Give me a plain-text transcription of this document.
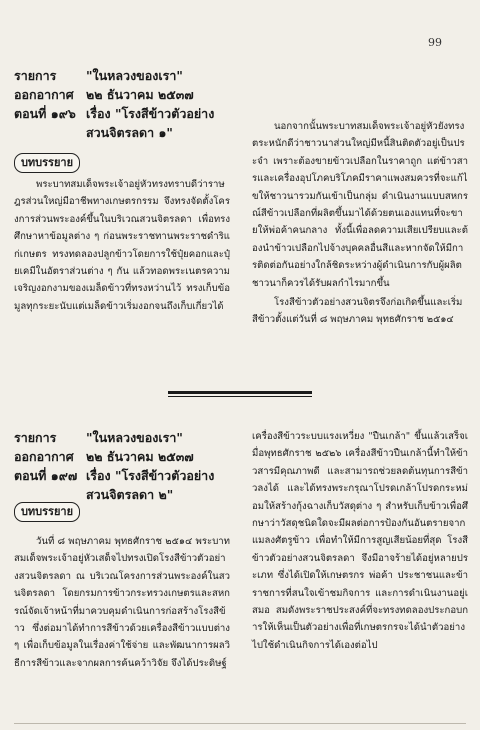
99
รายการ	"ในหลวงของเรา"
ออกอากาศ ๒๒ ธันวาคม ๒๕๓๗
ตอนที่ ๑๙๖ เรื่อง "โรงสีข้าวตัวอย่าง
สวนจิตรลดา ๑"
บทบรรยาย

พระบาทสมเด็จพระเจ้าอยู่หัวทรงทราบดีว่าราษฎรส่วนใหญ่มีอาชีพทางเกษตรกรรม จึงทรงจัดตั้งโครงการส่วนพระองค์ขึ้นในบริเวณสวนจิตรลดา เพื่อทรงศึกษาหาข้อมูลต่าง ๆ ก่อนพระราชทานพระราชดำริแก่เกษตร ทรงทดลองปลูกข้าวโดยการใช้ปุ๋ยคอกและปุ๋ยเคมีในอัตราส่วนต่าง ๆ กัน แล้วทอดพระเนตรความเจริญงอกงามของเมล็ดข้าวที่ทรงหว่านไว้ ทรงเก็บข้อมูลทุกระยะนับแต่เมล็ดข้าวเริ่มงอกจนถึงเก็บเกี่ยวได้

นอกจากนั้นพระบาทสมเด็จพระเจ้าอยู่หัวยังทรงตระหนักดีว่าชาวนาส่วนใหญ่มีหนี้สินติดตัวอยู่เป็นประจำ เพราะต้องขายข้าวเปลือกในราคาถูก แต่ข้าวสารและเครื่องอุปโภคบริโภคมีราคาแพงสมควรที่จะแก้ไขให้ชาวนารวมกันเข้าเป็นกลุ่ม ดำเนินงานแบบสหกรณ์สีข้าวเปลือกที่ผลิตขึ้นมาได้ด้วยตนเองแทนที่จะขายให้พ่อค้าคนกลาง ทั้งนี้เพื่อลดความเสียเปรียบและต้องนำข้าวเปลือกไปจ้างบุคคลอื่นสีและหากจัดให้มีการติดต่อกันอย่างใกล้ชิดระหว่างผู้ดำเนินการกับผู้ผลิตชาวนาก็ควรได้รับผลกำไรมากขึ้น

โรงสีข้าวตัวอย่างสวนจิตรจึงก่อเกิดขึ้นและเริ่มสีข้าวตั้งแต่วันที่ ๘ พฤษภาคม พุทธศักราช ๒๕๑๔

รายการ	"ในหลวงของเรา"
ออกอากาศ ๒๒ ธันวาคม ๒๕๓๗
ตอนที่ ๑๙๗ เรื่อง "โรงสีข้าวตัวอย่าง
สวนจิตรลดา ๒"
บทบรรยาย

วันที่ ๘ พฤษภาคม พุทธศักราช ๒๕๑๔ พระบาทสมเด็จพระเจ้าอยู่หัวเสด็จไปทรงเปิดโรงสีข้าวตัวอย่างสวนจิตรลดา ณ บริเวณโครงการส่วนพระองค์ในสวนจิตรลดา โดยกรมการข้าวกระทรวงเกษตรและสหกรณ์จัดเจ้าหน้าที่มาควบคุมดำเนินการก่อสร้างโรงสีข้าว ซึ่งต่อมาได้ทำการสีข้าวด้วยเครื่องสีข้าวแบบต่าง ๆ เพื่อเก็บข้อมูลในเรื่องค่าใช้จ่าย และพัฒนาการผลวิธีการสีข้าวและจากผลการค้นคว้าวิจัย จึงได้ประดิษฐ์

เครื่องสีข้าวระบบแรงเหวี่ยง "ปืนเกล้า" ขึ้นแล้วเสร็จเมื่อพุทธศักราช ๒๕๒๖ เครื่องสีข้าวปืนเกล้านี้ทำให้ข้าวสารมีคุณภาพดี และสามารถช่วยลดต้นทุนการสีข้าวลงได้ และได้ทรงพระกรุณาโปรดเกล้าโปรดกระหม่อมให้สร้างกุ้งฉางเก็บวัสดุต่าง ๆ สำหรับเก็บข้าวเพื่อศึกษาว่าวัสดุชนิดใดจะมีผลต่อการป้องกันอันตรายจากแมลงศัตรูข้าว เพื่อทำให้มีการสูญเสียน้อยที่สุด โรงสีข้าวตัวอย่างสวนจิตรลดา จึงมีอาจร้ายได้อยู่หลายประเภท ซึ่งได้เปิดให้เกษตรกร พ่อค้า ประชาชนและข้าราชการที่สนใจเข้าชมกิจการ และการดำเนินงานอยู่เสมอ สมดังพระราชประสงค์ที่จะทรงทดลองประกอบการให้เห็นเป็นตัวอย่างเพื่อที่เกษตรกรจะได้นำตัวอย่างไปใช้ดำเนินกิจการได้เองต่อไป
